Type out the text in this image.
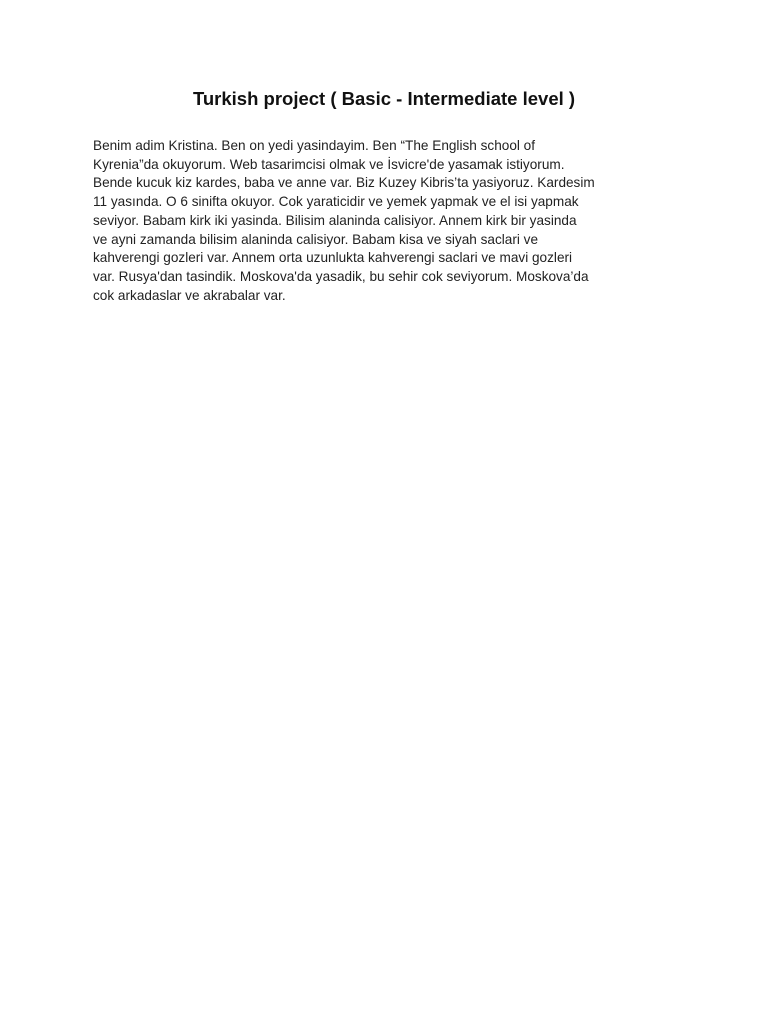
Turkish project ( Basic - Intermediate level )

Benim adim Kristina. Ben on yedi yasindayim. Ben “The English school of
Kyrenia”da okuyorum. Web tasarimcisi olmak ve İsvicre'de yasamak istiyorum.
Bende kucuk kiz kardes, baba ve anne var. Biz Kuzey Kibris’ta yasiyoruz. Kardesim
11 yasında. O 6 sinifta okuyor. Cok yaraticidir ve yemek yapmak ve el isi yapmak
seviyor. Babam kirk iki yasinda. Bilisim alaninda calisiyor. Annem kirk bir yasinda
ve ayni zamanda bilisim alaninda calisiyor. Babam kisa ve siyah saclari ve
kahverengi gozleri var. Annem orta uzunlukta kahverengi saclari ve mavi gozleri
var. Rusya'dan tasindik. Moskova'da yasadik, bu sehir cok seviyorum. Moskova’da
cok arkadaslar ve akrabalar var.
